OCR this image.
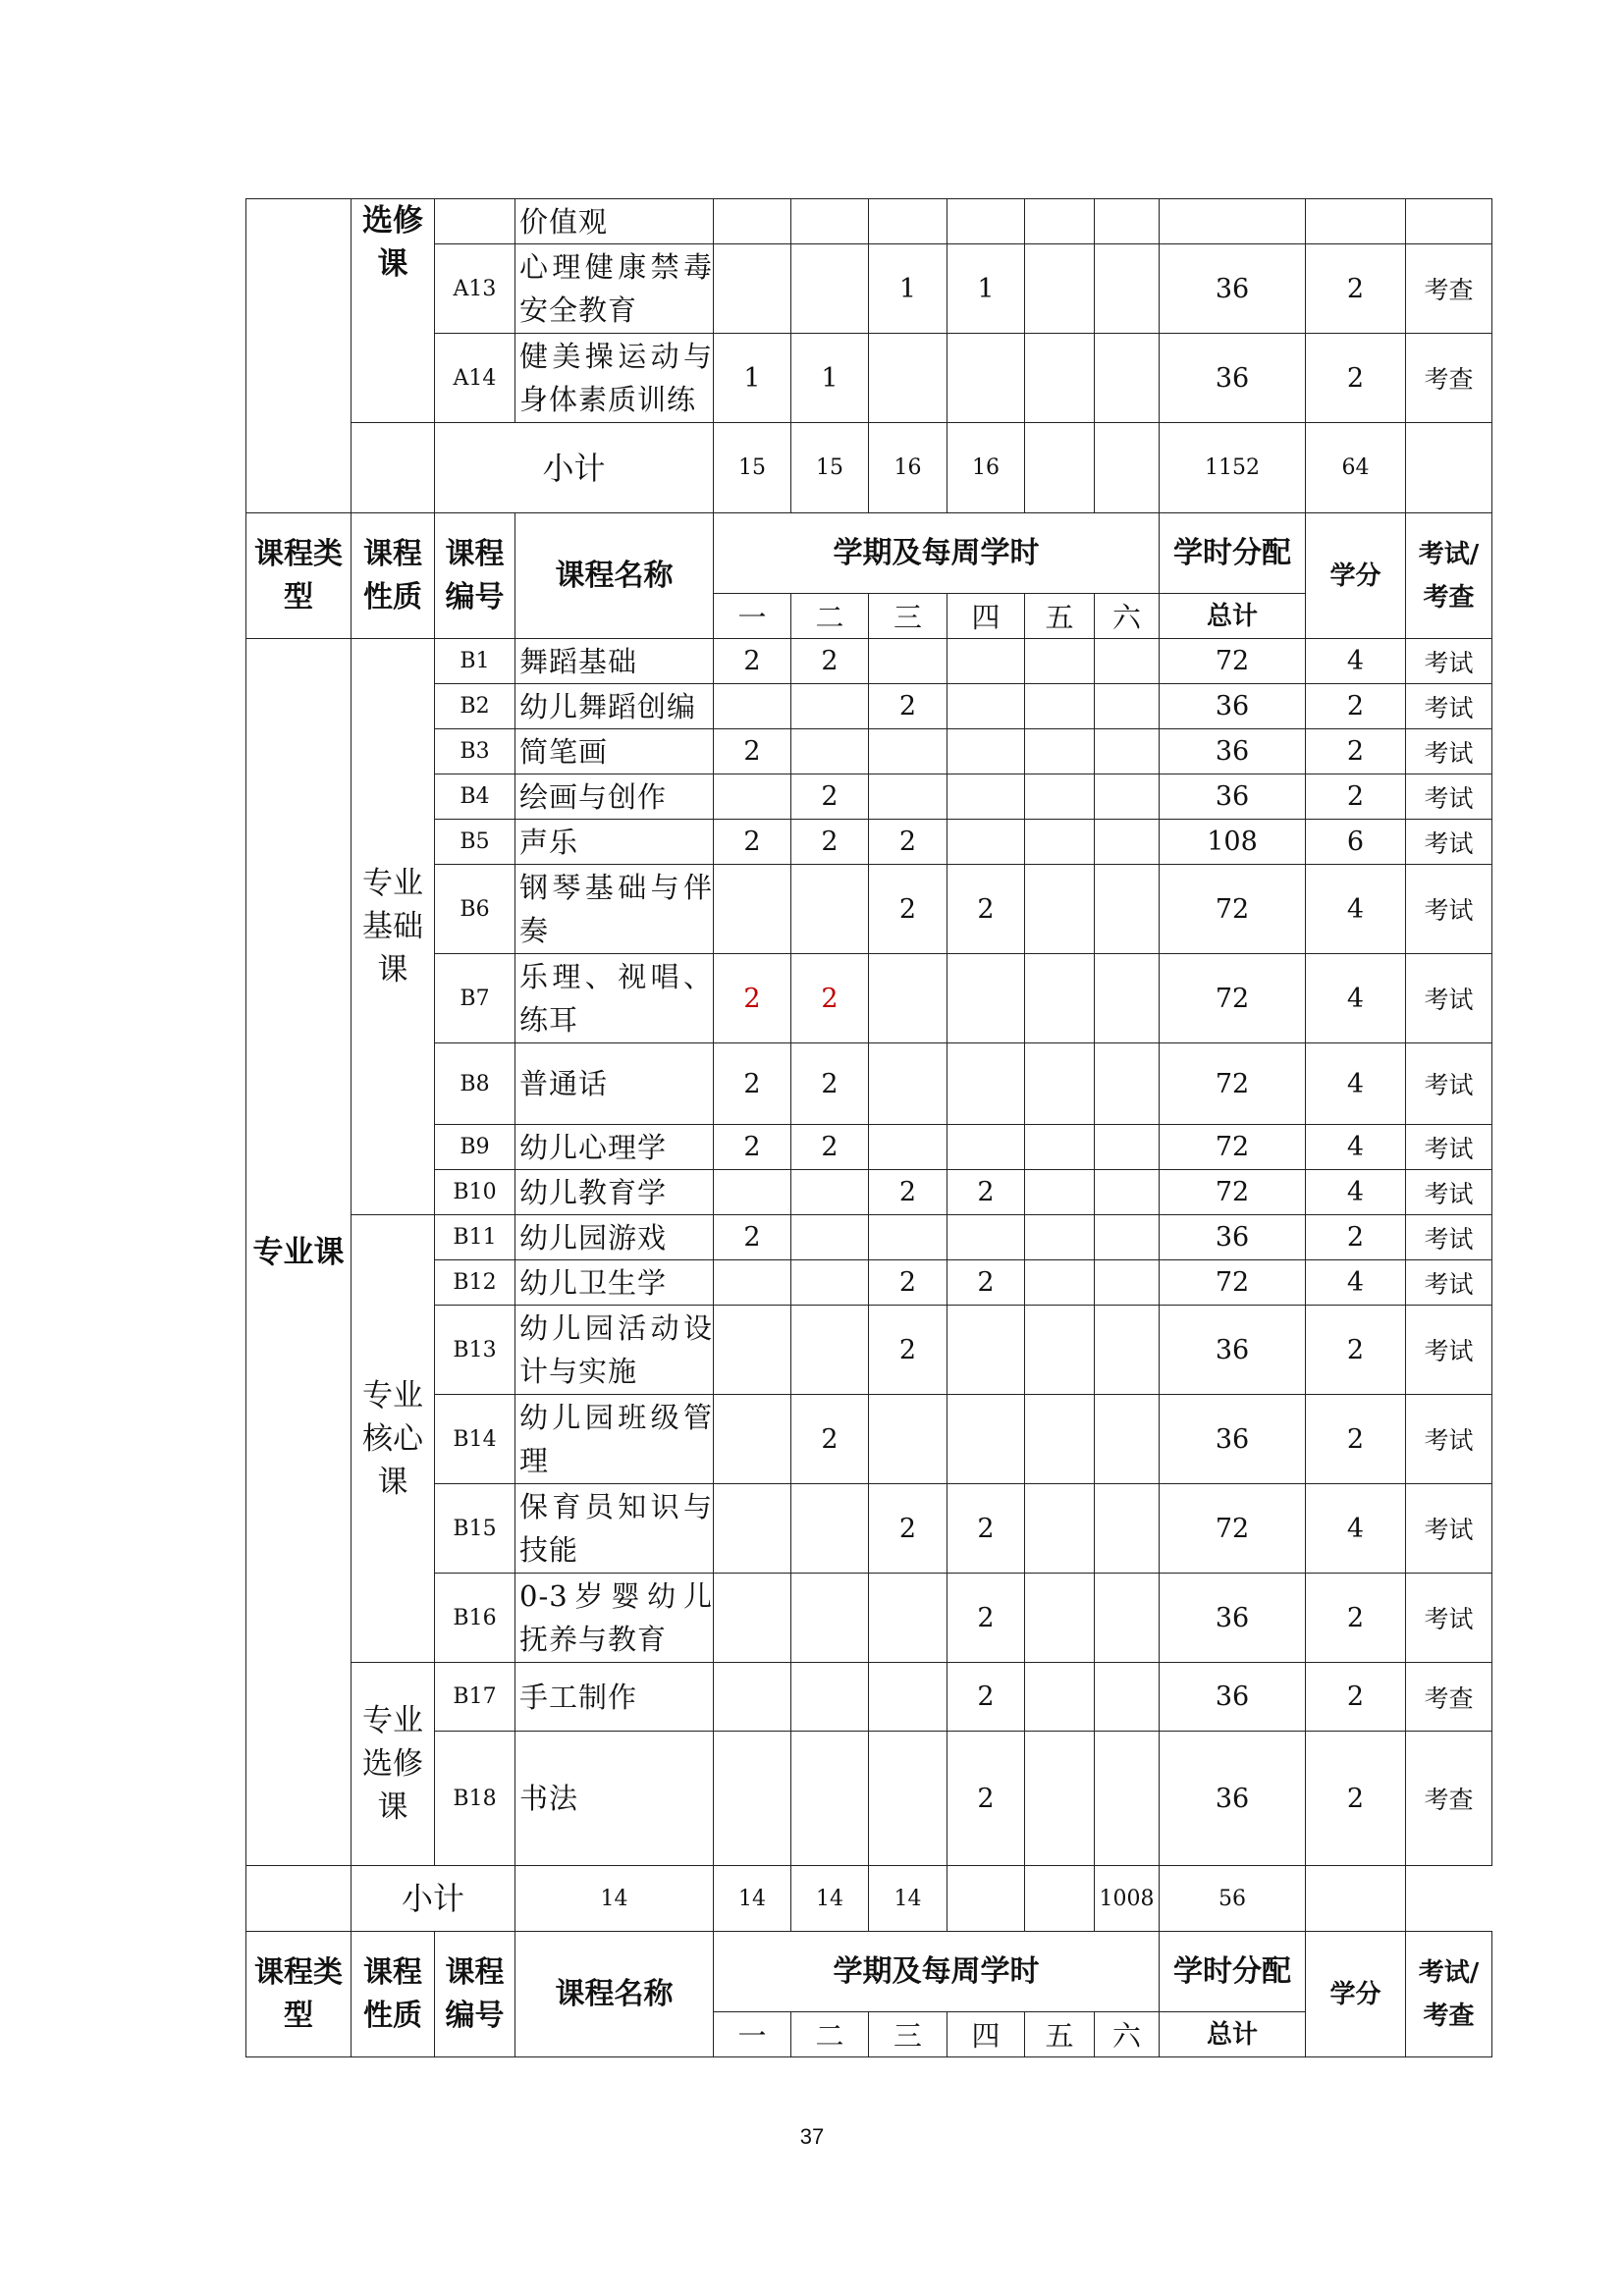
	选修课		价值观									
		A13	心理健康禁毒安全教育			1	1			36	2	考查
		A14	健美操运动与身体素质训练	1	1					36	2	考查
		小计		15	15	16	16			1152	64	
课程类型	课程性质	课程编号	课程名称	学期及每周学时						学时分配	学分	考试/考查
				一	二	三	四	五	六	总计		
专业课	专业基础课	B1	舞蹈基础	2	2					72	4	考试
		B2	幼儿舞蹈创编			2				36	2	考试
		B3	简笔画	2						36	2	考试
		B4	绘画与创作		2					36	2	考试
		B5	声乐	2	2	2				108	6	考试
		B6	钢琴基础与伴奏			2	2			72	4	考试
		B7	乐理、视唱、练耳	2	2					72	4	考试
		B8	普通话	2	2					72	4	考试
		B9	幼儿心理学	2	2					72	4	考试
		B10	幼儿教育学			2	2			72	4	考试
	专业核心课	B11	幼儿园游戏	2						36	2	考试
		B12	幼儿卫生学			2	2			72	4	考试
		B13	幼儿园活动设计与实施			2				36	2	考试
		B14	幼儿园班级管理		2					36	2	考试
		B15	保育员知识与技能			2	2			72	4	考试
		B16	0-3岁婴幼儿抚养与教育				2			36	2	考试
	专业选修课	B17	手工制作				2			36	2	考查
		B18	书法				2			36	2	考查
	小计		14	14	14	14			1008	56		
课程类型	课程性质	课程编号	课程名称	学期及每周学时						学时分配	学分	考试/考查
				一	二	三	四	五	六	总计		
37
